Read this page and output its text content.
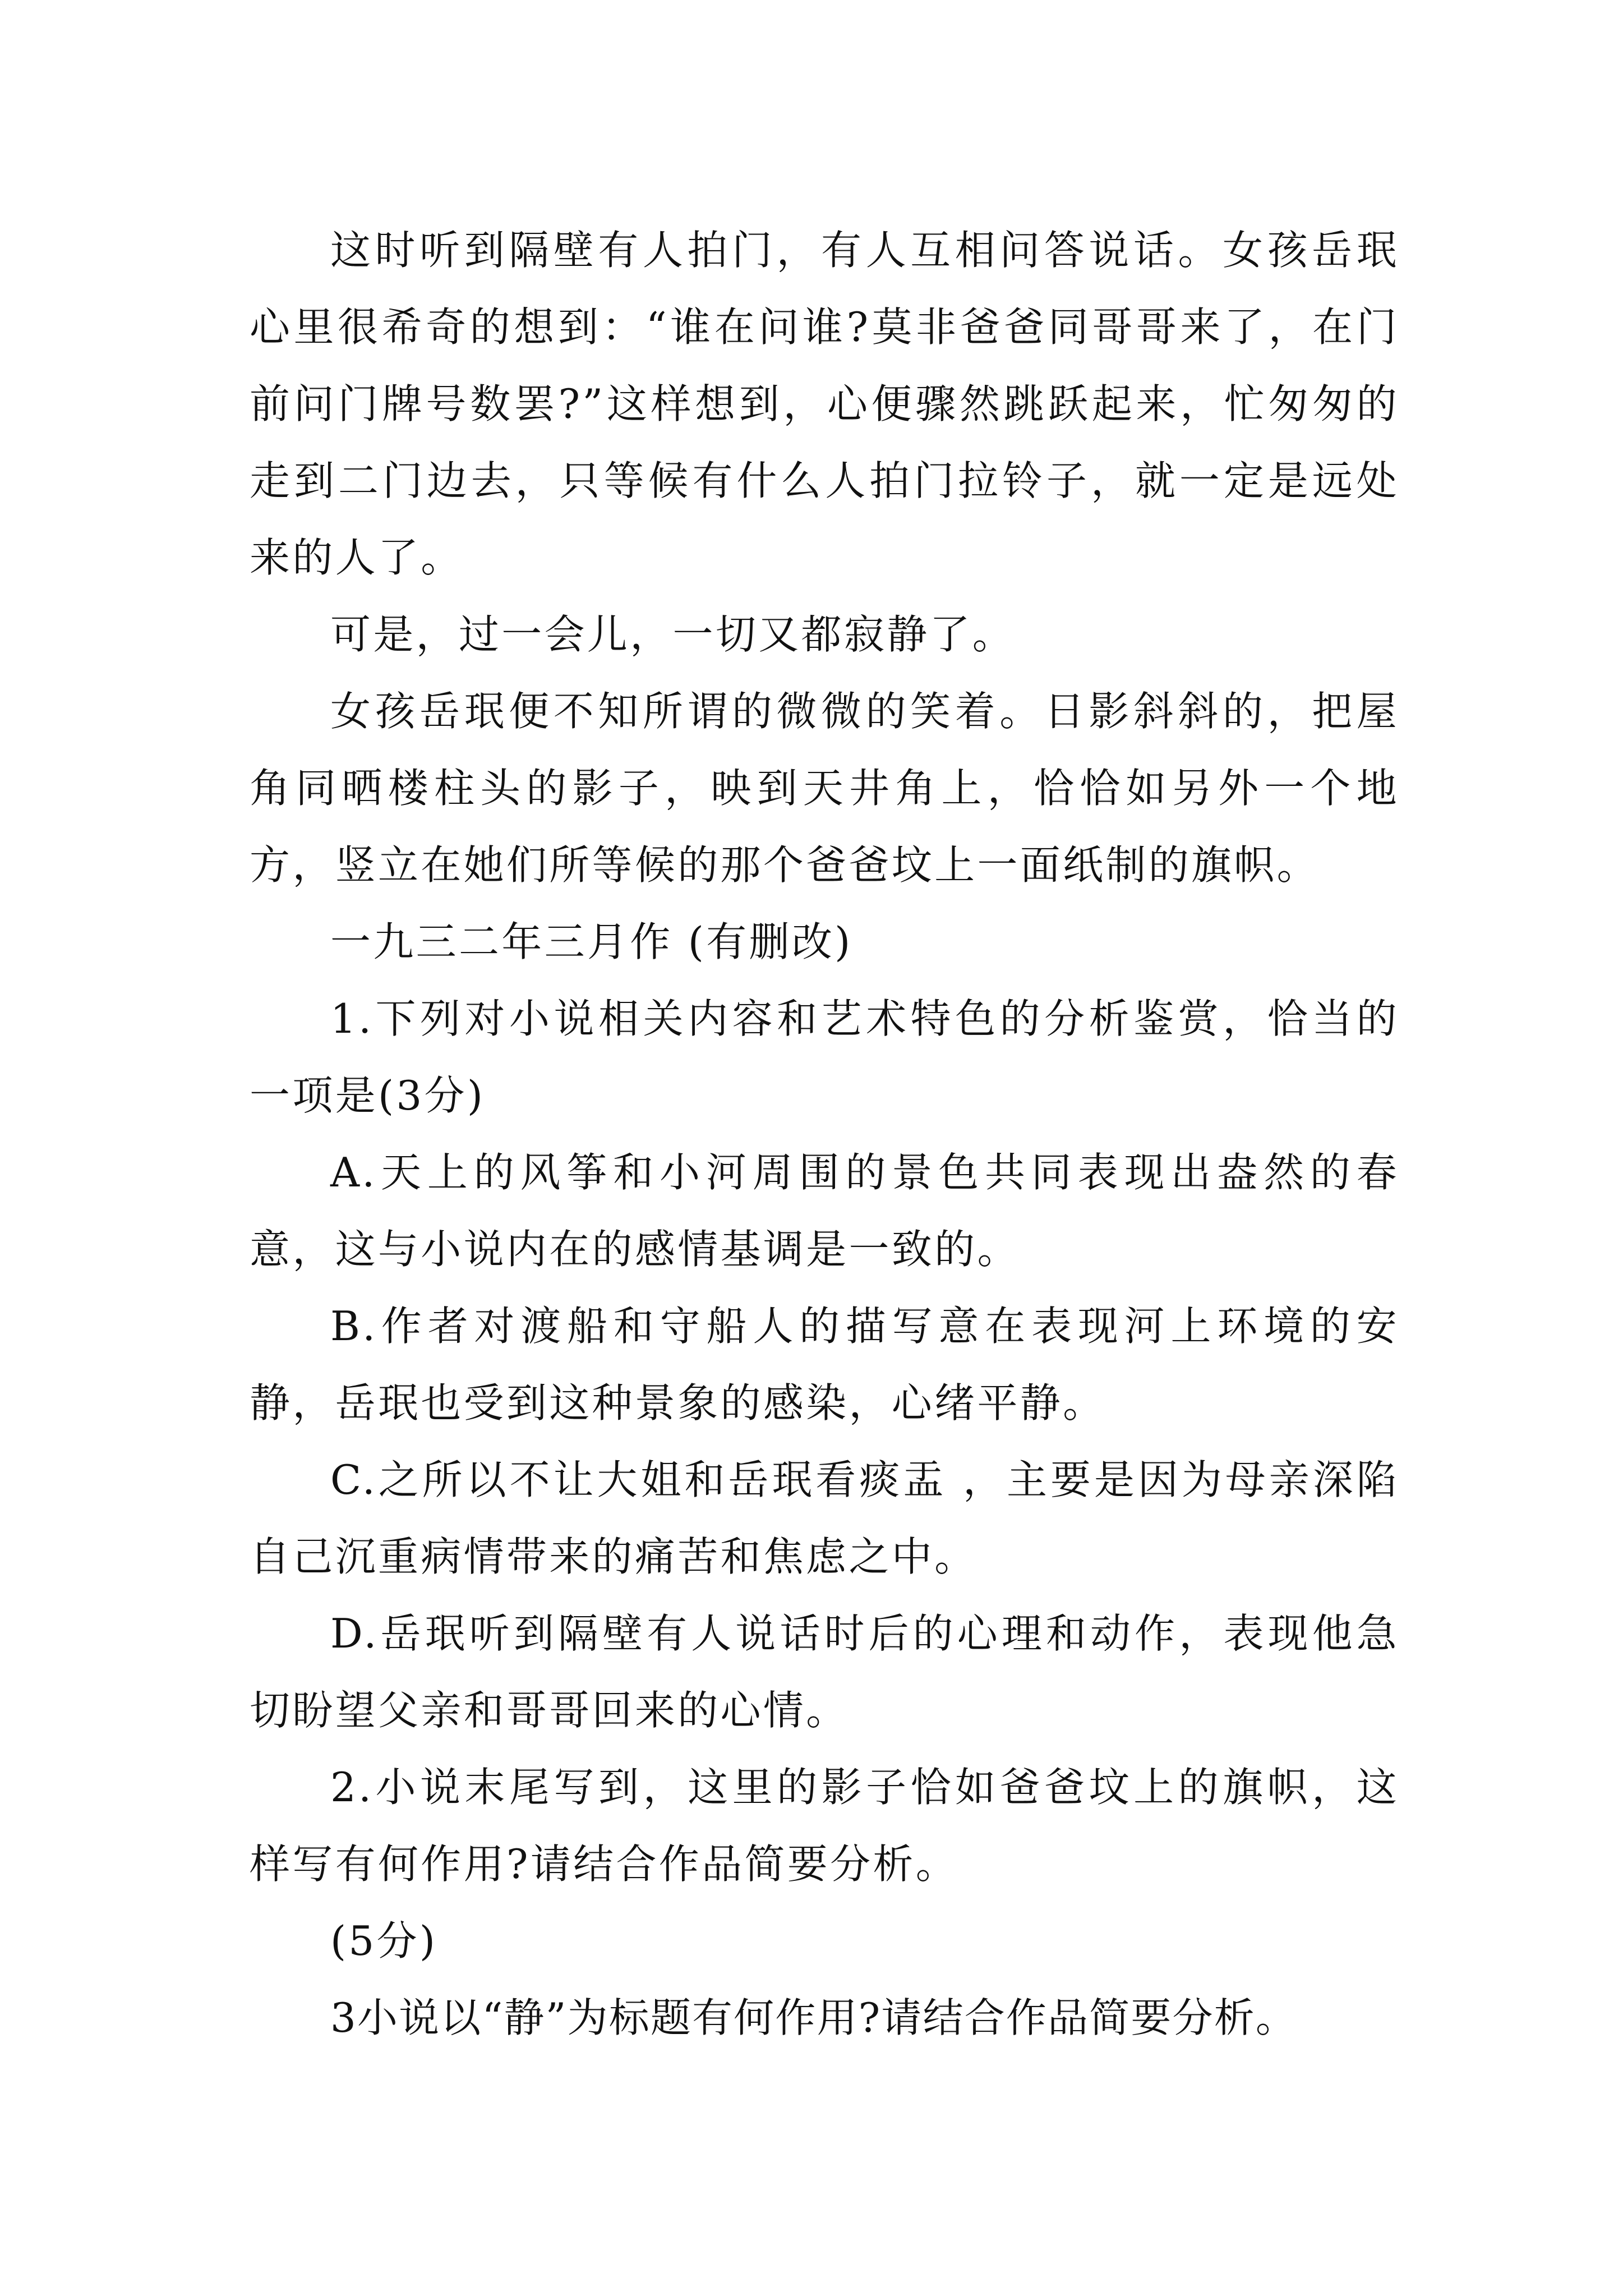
这时听到隔壁有人拍门，有人互相问答说话。女孩岳珉心里很希奇的想到：“谁在问谁?莫非爸爸同哥哥来了，在门前问门牌号数罢?”这样想到，心便骤然跳跃起来，忙匆匆的走到二门边去，只等候有什么人拍门拉铃子，就一定是远处来的人了。

可是，过一会儿，一切又都寂静了。

女孩岳珉便不知所谓的微微的笑着。日影斜斜的，把屋角同晒楼柱头的影子，映到天井角上，恰恰如另外一个地方，竖立在她们所等候的那个爸爸坟上一面纸制的旗帜。

一九三二年三月作 (有删改)

1.下列对小说相关内容和艺术特色的分析鉴赏，恰当的一项是(3分)

A.天上的风筝和小河周围的景色共同表现出盎然的春意，这与小说内在的感情基调是一致的。

B.作者对渡船和守船人的描写意在表现河上环境的安静，岳珉也受到这种景象的感染，心绪平静。

C.之所以不让大姐和岳珉看痰盂 ，主要是因为母亲深陷自己沉重病情带来的痛苦和焦虑之中。

D.岳珉听到隔壁有人说话时后的心理和动作，表现他急切盼望父亲和哥哥回来的心情。

2.小说末尾写到，这里的影子恰如爸爸坟上的旗帜，这样写有何作用?请结合作品简要分析。

(5分)

3小说以“静”为标题有何作用?请结合作品简要分析。
